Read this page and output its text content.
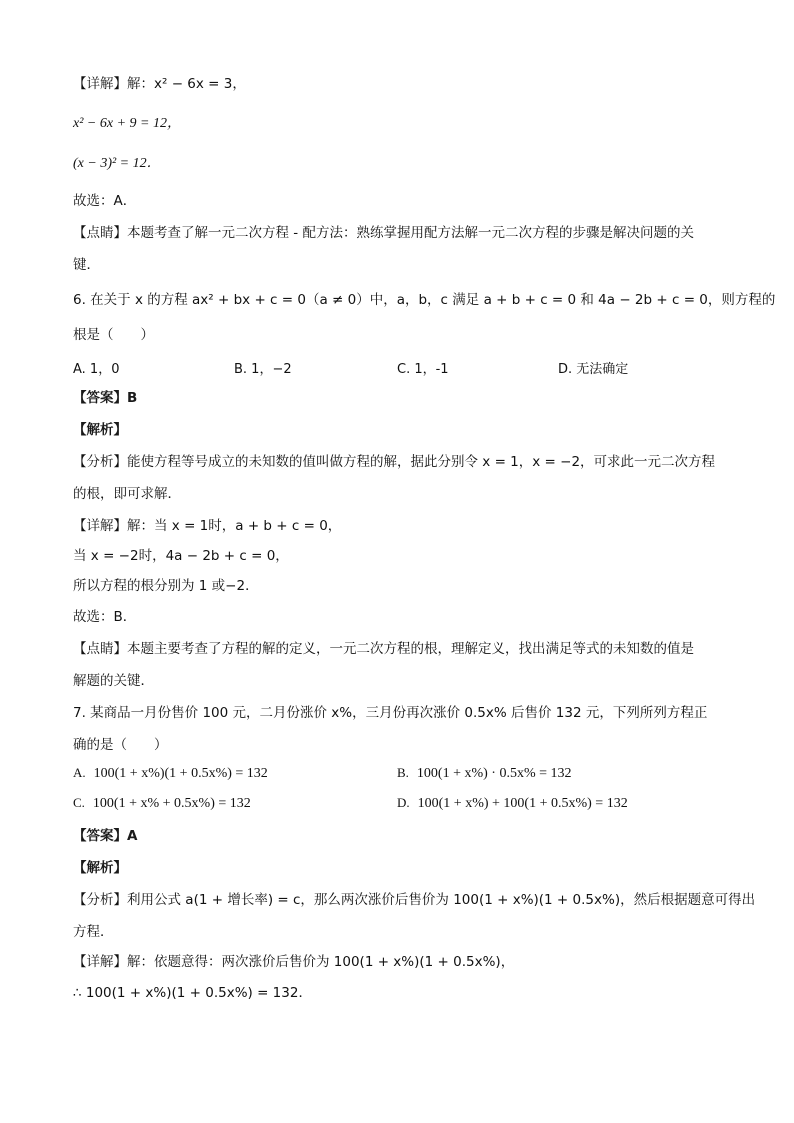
【详解】解：x² − 6x = 3，
x² − 6x + 9 = 12，
(x − 3)² = 12．
故选：A．
【点睛】本题考查了解一元二次方程 - 配方法：熟练掌握用配方法解一元二次方程的步骤是解决问题的关
键．
6. 在关于 x 的方程 ax² + bx + c = 0（a ≠ 0）中，a，b，c 满足 a + b + c = 0 和 4a − 2b + c = 0，则方程的
根是（　　）
A. 1，0	B. 1，−2	C. 1，-1	D. 无法确定
【答案】B
【解析】
【分析】能使方程等号成立的未知数的值叫做方程的解，据此分别令 x = 1，x = −2，可求此一元二次方程
的根，即可求解．
【详解】解：当 x = 1时，a + b + c = 0，
当 x = −2时，4a − 2b + c = 0，
所以方程的根分别为 1 或−2．
故选：B．
【点睛】本题主要考查了方程的解的定义，一元二次方程的根，理解定义，找出满足等式的未知数的值是
解题的关键．
7. 某商品一月份售价 100 元，二月份涨价 x%，三月份再次涨价 0.5x% 后售价 132 元，下列所列方程正
确的是（　　）
A. 100(1 + x%)(1 + 0.5x%) = 132	B. 100(1 + x%) · 0.5x% = 132
C. 100(1 + x% + 0.5x%) = 132	D. 100(1 + x%) + 100(1 + 0.5x%) = 132
【答案】A
【解析】
【分析】利用公式 a(1 + 增长率) = c，那么两次涨价后售价为 100(1 + x%)(1 + 0.5x%)，然后根据题意可得出
方程．
【详解】解：依题意得：两次涨价后售价为 100(1 + x%)(1 + 0.5x%)，
∴ 100(1 + x%)(1 + 0.5x%) = 132．
